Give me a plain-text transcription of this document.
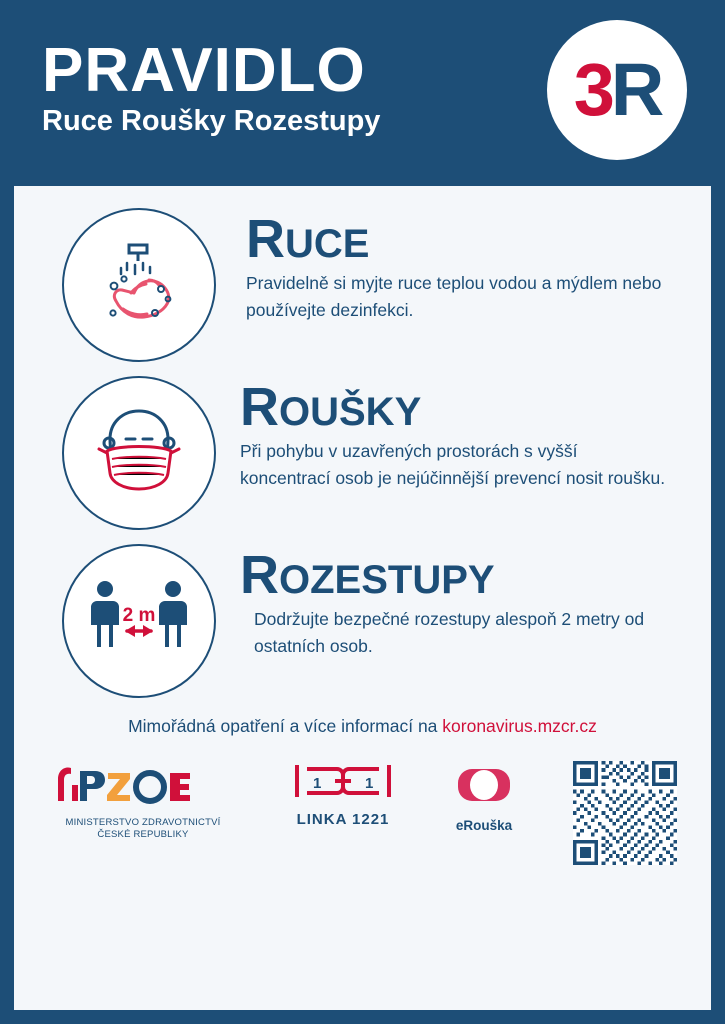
PRAVIDLO
Ruce Roušky Rozestupy	3R
RUCE

Pravidelně si myjte ruce teplou vodou a mýdlem nebo používejte dezinfekci.

ROUŠKY

Při pohybu v uzavřených prostorách s vyšší koncentrací osob je nejúčinnější prevencí nosit roušku.

2 m
ROZESTUPY

Dodržujte bezpečné rozestupy alespoň 2 metry od ostatních osob.

Mimořádná opatření a více informací na koronavirus.mzcr.cz
MINISTERSTVO ZDRAVOTNICTVÍ
ČESKÉ REPUBLIKY
1	1
LINKA 1221	eRouška
